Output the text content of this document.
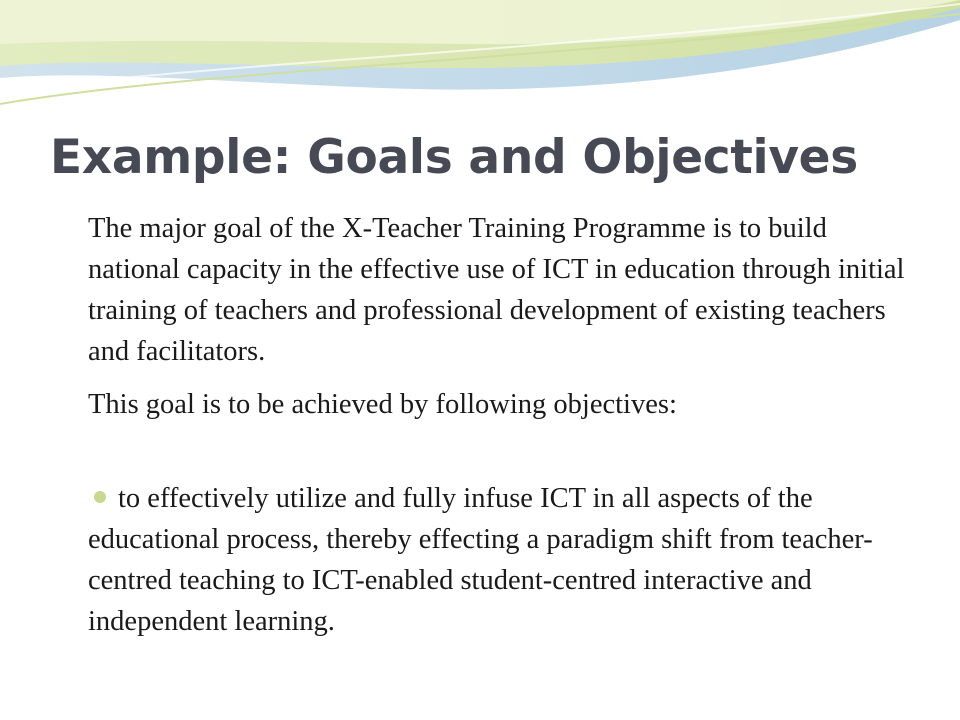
Example: Goals and Objectives

The major goal of the X-Teacher Training Programme is to build national capacity in the effective use of ICT in education through initial training of teachers and professional development of existing teachers and facilitators.

This goal is to be achieved by following objectives:

to effectively utilize and fully infuse ICT in all aspects of the educational process, thereby effecting a paradigm shift from teacher-centred teaching to ICT-enabled student-centred interactive and independent learning.
